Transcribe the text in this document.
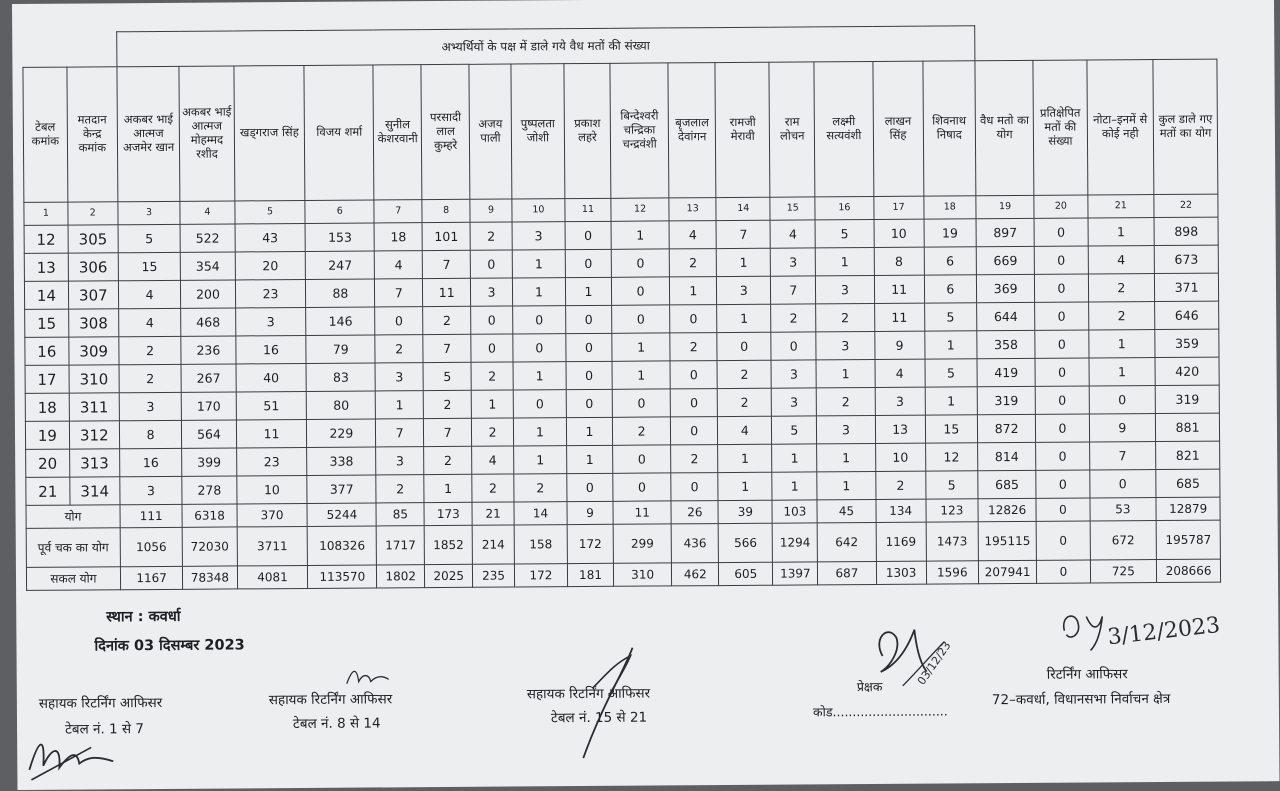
		अभ्यर्थियों के पक्ष में डाले गये वैध मतों की संख्या																			
टेबल कमांक	मतदान केन्द्र कमांक	अकबर भाई आत्मज अजमेर खान	अकबर भाई आत्मज मोहम्मद रशीद	खड्गराज सिंह	विजय शर्मा	सुनील केशरवानी	परसादी लाल कुम्हरे	अजय पाली	पुष्पलता जोशी	प्रकाश लहरे	बिन्देश्वरी चन्द्रिका चन्द्रवंशी	बृजलाल देवांगन	रामजी मेरावी	राम लोचन	लक्ष्मी सत्यवंशी	लाखन सिंह	शिवनाथ निषाद	वैध मतो का योग	प्रतिक्षेपित मतों की संख्या	नोटा–इनमें से कोई नही	कुल डाले गए मतों का योग
1	2	3	4	5	6	7	8	9	10	11	12	13	14	15	16	17	18	19	20	21	22
12	305	5	522	43	153	18	101	2	3	0	1	4	7	4	5	10	19	897	0	1	898
13	306	15	354	20	247	4	7	0	1	0	0	2	1	3	1	8	6	669	0	4	673
14	307	4	200	23	88	7	11	3	1	1	0	1	3	7	3	11	6	369	0	2	371
15	308	4	468	3	146	0	2	0	0	0	0	0	1	2	2	11	5	644	0	2	646
16	309	2	236	16	79	2	7	0	0	0	1	2	0	0	3	9	1	358	0	1	359
17	310	2	267	40	83	3	5	2	1	0	1	0	2	3	1	4	5	419	0	1	420
18	311	3	170	51	80	1	2	1	0	0	0	0	2	3	2	3	1	319	0	0	319
19	312	8	564	11	229	7	7	2	1	1	2	0	4	5	3	13	15	872	0	9	881
20	313	16	399	23	338	3	2	4	1	1	0	2	1	1	1	10	12	814	0	7	821
21	314	3	278	10	377	2	1	2	2	0	0	0	1	1	1	2	5	685	0	0	685
योग		111	6318	370	5244	85	173	21	14	9	11	26	39	103	45	134	123	12826	0	53	12879
पूर्व चक का योग		1056	72030	3711	108326	1717	1852	214	158	172	299	436	566	1294	642	1169	1473	195115	0	672	195787
सकल योग		1167	78348	4081	113570	1802	2025	235	172	181	310	462	605	1397	687	1303	1596	207941	0	725	208666
स्थान : कवर्धा
दिनांक 03 दिसम्बर 2023
सहायक रिटर्निंग आफिसर
टेबल नं. 1 से 7
सहायक रिटर्निंग आफिसर
टेबल नं. 8 से 14
सहायक रिटर्निंग आफिसर
टेबल नं. 15 से 21
प्रेक्षक
कोड.............................
रिटर्निंग आफिसर
72–कवर्धा, विधानसभा निर्वाचन क्षेत्र
03/12/23
3/12/2023
